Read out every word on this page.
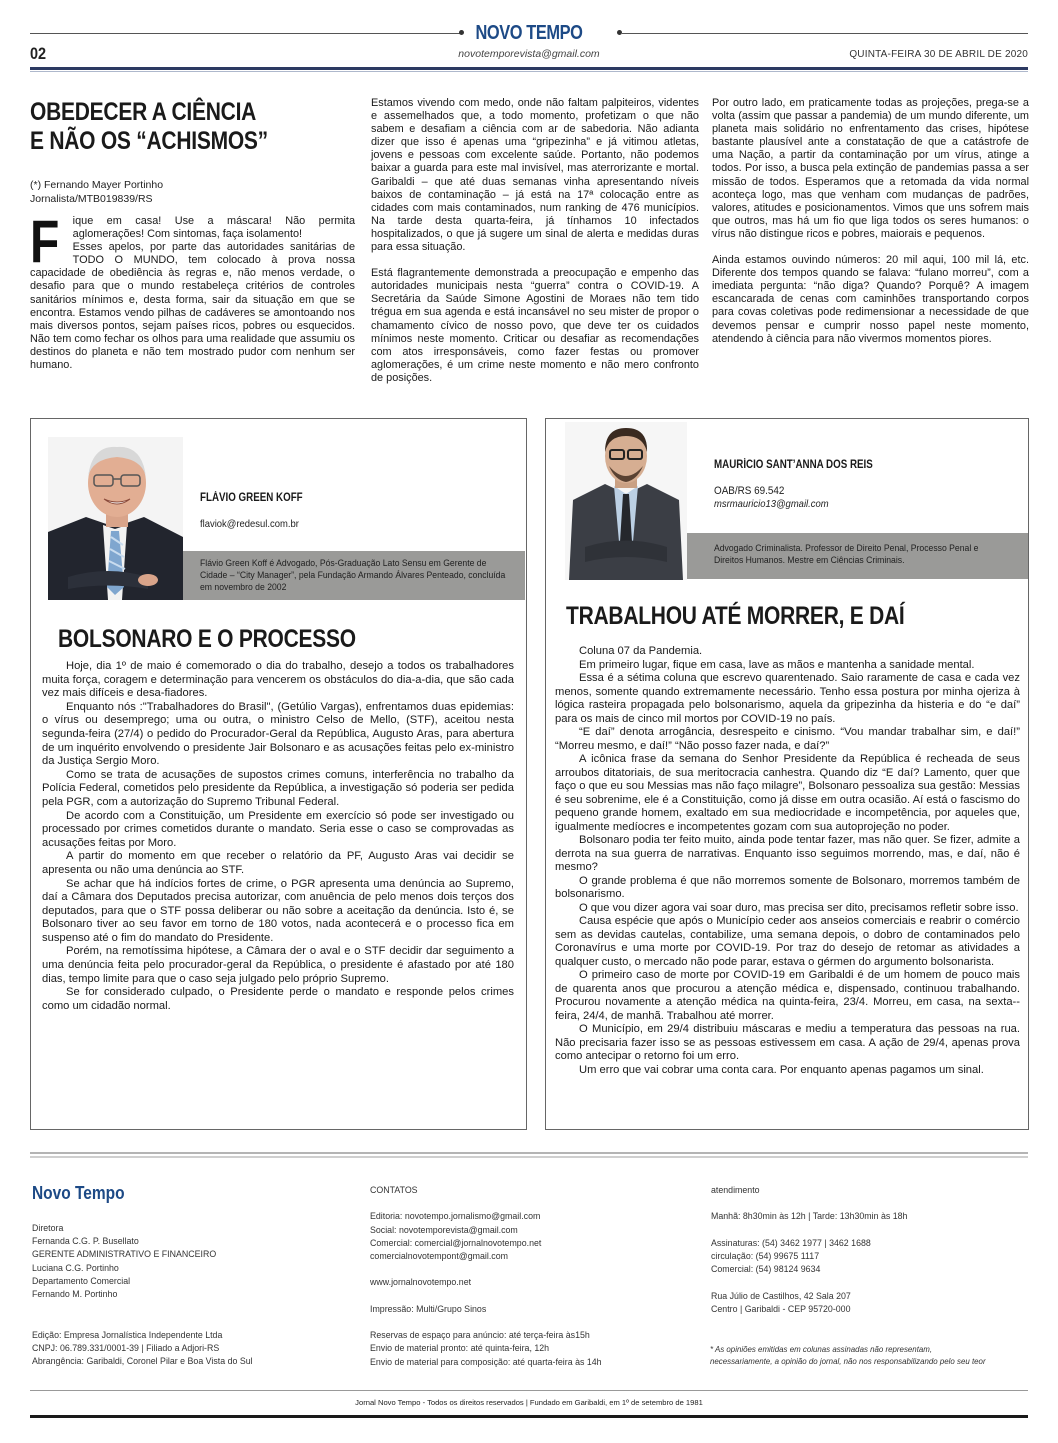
NOVO TEMPO
novotemporevista@gmail.com
02	QUINTA-FEIRA 30 DE ABRIL DE 2020
OBEDECER A CIÊNCIA
E NÃO OS “ACHISMOS”
(*) Fernando Mayer Portinho
Jornalista/MTB019839/RS
F	ique em casa! Use a máscara! Não permita aglomerações! Com sintomas, faça isolamento!
Esses apelos, por parte das autoridades sanitárias de TODO O MUNDO, tem colocado à prova nossa capacidade de obediência às regras e, não menos verdade, o desafio para que o mundo restabeleça critérios de controles sanitários mínimos e, desta forma, sair da situação em que se encontra. Estamos vendo pilhas de cadáveres se amontoando nos mais diversos pontos, sejam países ricos, pobres ou esquecidos. Não tem como fechar os olhos para uma realidade que assumiu os destinos do planeta e não tem mostrado pudor com nenhum ser humano.

Estamos vivendo com medo, onde não faltam palpiteiros, videntes e assemelhados que, a todo momento, profetizam o que não sabem e desafiam a ciência com ar de sabedoria. Não adianta dizer que isso é apenas uma “gripezinha” e já vitimou atletas, jovens e pessoas com excelente saúde. Portanto, não podemos baixar a guarda para este mal invisível, mas aterrorizante e mortal. Garibaldi – que até duas semanas vinha apresentando níveis baixos de contaminação – já está na 17ª colocação entre as cidades com mais contaminados, num ranking de 476 municípios. Na tarde desta quarta-feira, já tínhamos 10 infectados hospitalizados, o que já sugere um sinal de alerta e medidas duras para essa situação.

Está flagrantemente demonstrada a preocupação e empenho das autoridades municipais nesta “guerra” contra o COVID-19. A Secretária da Saúde Simone Agostini de Moraes não tem tido trégua em sua agenda e está incansável no seu mister de propor o chamamento cívico de nosso povo, que deve ter os cuidados mínimos neste momento. Criticar ou desafiar as recomendações com atos irresponsáveis, como fazer festas ou promover aglomerações, é um crime neste momento e não mero confronto de posições.

Por outro lado, em praticamente todas as projeções, prega-se a volta (assim que passar a pandemia) de um mundo diferente, um planeta mais solidário no enfrentamento das crises, hipótese bastante plausível ante a constatação de que a catástrofe de uma Nação, a partir da contaminação por um vírus, atinge a todos. Por isso, a busca pela extinção de pandemias passa a ser missão de todos. Esperamos que a retomada da vida normal aconteça logo, mas que venham com mudanças de padrões, valores, atitudes e posicionamentos. Vimos que uns sofrem mais que outros, mas há um fio que liga todos os seres humanos: o vírus não distingue ricos e pobres, maiorais e pequenos.

Ainda estamos ouvindo números: 20 mil aqui, 100 mil lá, etc. Diferente dos tempos quando se falava: “fulano morreu”, com a imediata pergunta: “não diga? Quando? Porquê? A imagem escancarada de cenas com caminhões transportando corpos para covas coletivas pode redimensionar a necessidade de que devemos pensar e cumprir nosso papel neste momento, atendendo à ciência para não vivermos momentos piores.

FLÁVIO GREEN KOFF
flaviok@redesul.com.br
Flávio Green Koff é Advogado, Pós-Graduação Lato Sensu em Gerente de Cidade – “City Manager”, pela Fundação Armando Álvares Penteado, concluída em novembro de 2002
BOLSONARO E O PROCESSO

Hoje, dia 1º de maio é comemorado o dia do trabalho, desejo a todos os trabalhadores muita força, coragem e determinação para vencerem os obstáculos do dia-a-dia, que são cada vez mais difíceis e desa-fiadores.

Enquanto nós :"Trabalhadores do Brasil", (Getúlio Vargas), enfrentamos duas epidemias: o vírus ou desemprego; uma ou outra, o ministro Celso de Mello, (STF), aceitou nesta segunda-feira (27/4) o pedido do Procurador-Geral da República, Augusto Aras, para abertura de um inquérito envolvendo o presidente Jair Bolsonaro e as acusações feitas pelo ex-ministro da Justiça Sergio Moro.

Como se trata de acusações de supostos crimes comuns, interferência no trabalho da Polícia Federal, cometidos pelo presidente da República, a investigação só poderia ser pedida pela PGR, com a autorização do Supremo Tribunal Federal.

De acordo com a Constituição, um Presidente em exercício só pode ser investigado ou processado por crimes cometidos durante o mandato. Seria esse o caso se comprovadas as acusações feitas por Moro.

A partir do momento em que receber o relatório da PF, Augusto Aras vai decidir se apresenta ou não uma denúncia ao STF.

Se achar que há indícios fortes de crime, o PGR apresenta uma denúncia ao Supremo, daí a Câmara dos Deputados precisa autorizar, com anuência de pelo menos dois terços dos deputados, para que o STF possa deliberar ou não sobre a aceitação da denúncia. Isto é, se Bolsonaro tiver ao seu favor em torno de 180 votos, nada acontecerá e o processo fica em suspenso até o fim do mandato do Presidente.

Porém, na remotíssima hipótese, a Câmara der o aval e o STF decidir dar seguimento a uma denúncia feita pelo procurador-geral da República, o presidente é afastado por até 180 dias, tempo limite para que o caso seja julgado pelo próprio Supremo.

Se for considerado culpado, o Presidente perde o mandato e responde pelos crimes como um cidadão normal.

MAURÍCIO SANT’ANNA DOS REIS
OAB/RS 69.542
msrmauricio13@gmail.com
Advogado Criminalista. Professor de Direito Penal, Processo Penal e Direitos Humanos. Mestre em Ciências Criminais.
TRABALHOU ATÉ MORRER, E DAÍ

Coluna 07 da Pandemia.

Em primeiro lugar, fique em casa, lave as mãos e mantenha a sanidade mental.

Essa é a sétima coluna que escrevo quarentenado. Saio raramente de casa e cada vez menos, somente quando extremamente necessário. Tenho essa postura por minha ojeriza à lógica rasteira propagada pelo bolsonarismo, aquela da gripezinha da histeria e do “e daí” para os mais de cinco mil mortos por COVID-19 no país.

“E daí” denota arrogância, desrespeito e cinismo. “Vou mandar trabalhar sim, e daí!” “Morreu mesmo, e daí!” “Não posso fazer nada, e daí?”

A icônica frase da semana do Senhor Presidente da República é recheada de seus arroubos ditatoriais, de sua meritocracia canhestra. Quando diz “E daí? Lamento, quer que faço o que eu sou Messias mas não faço milagre”, Bolsonaro pessoaliza sua gestão: Messias é seu sobrenime, ele é a Constituição, como já disse em outra ocasião. Aí está o fascismo do pequeno grande homem, exaltado em sua mediocridade e incompetência, por aqueles que, igualmente medíocres e incompetentes gozam com sua autoprojeção no poder.

Bolsonaro podia ter feito muito, ainda pode tentar fazer, mas não quer. Se fizer, admite a derrota na sua guerra de narrativas. Enquanto isso seguimos morrendo, mas, e daí, não é mesmo?

O grande problema é que não morremos somente de Bolsonaro, morremos também de bolsonarismo.

O que vou dizer agora vai soar duro, mas precisa ser dito, precisamos refletir sobre isso.

Causa espécie que após o Município ceder aos anseios comerciais e reabrir o comércio sem as devidas cautelas, contabilize, uma semana depois, o dobro de contaminados pelo Coronavírus e uma morte por COVID-19. Por traz do desejo de retomar as atividades a qualquer custo, o mercado não pode parar, estava o gérmen do argumento bolsonarista.

O primeiro caso de morte por COVID-19 em Garibaldi é de um homem de pouco mais de quarenta anos que procurou a atenção médica e, dispensado, continuou trabalhando. Procurou novamente a atenção médica na quinta-feira, 23/4. Morreu, em casa, na sexta--feira, 24/4, de manhã. Trabalhou até morrer.

O Município, em 29/4 distribuiu máscaras e mediu a temperatura das pessoas na rua. Não precisaria fazer isso se as pessoas estivessem em casa. A ação de 29/4, apenas prova como antecipar o retorno foi um erro.

Um erro que vai cobrar uma conta cara. Por enquanto apenas pagamos um sinal.

Novo Tempo
Diretora
Fernanda C.G. P. Busellato
GERENTE ADMINISTRATIVO E FINANCEIRO
Luciana C.G. Portinho
Departamento Comercial
Fernando M. Portinho
Edição: Empresa Jornalística Independente Ltda
CNPJ: 06.789.331/0001-39 | Filiado a Adjori-RS
Abrangência: Garibaldi, Coronel Pilar e Boa Vista do Sul
CONTATOS
Editoria: novotempo.jornalismo@gmail.com
Social: novotemporevista@gmail.com
Comercial: comercial@jornalnovotempo.net
comercialnovotempont@gmail.com
www.jornalnovotempo.net
Impressão: Multi/Grupo Sinos
Reservas de espaço para anúncio: até terça-feira às15h
Envio de material pronto: até quinta-feira, 12h
Envio de material para composição: até quarta-feira às 14h
atendimento
Manhã: 8h30min às 12h | Tarde: 13h30min às 18h
Assinaturas: (54) 3462 1977 | 3462 1688
circulação: (54) 99675 1117
Comercial: (54) 98124 9634
Rua Júlio de Castilhos, 42 Sala 207
Centro | Garibaldi - CEP 95720-000
* As opiniões emitidas em colunas assinadas não representam,
necessariamente, a opinião do jornal, não nos responsabilizando pelo seu teor
Jornal Novo Tempo - Todos os direitos reservados | Fundado em Garibaldi, em 1º de setembro de 1981
